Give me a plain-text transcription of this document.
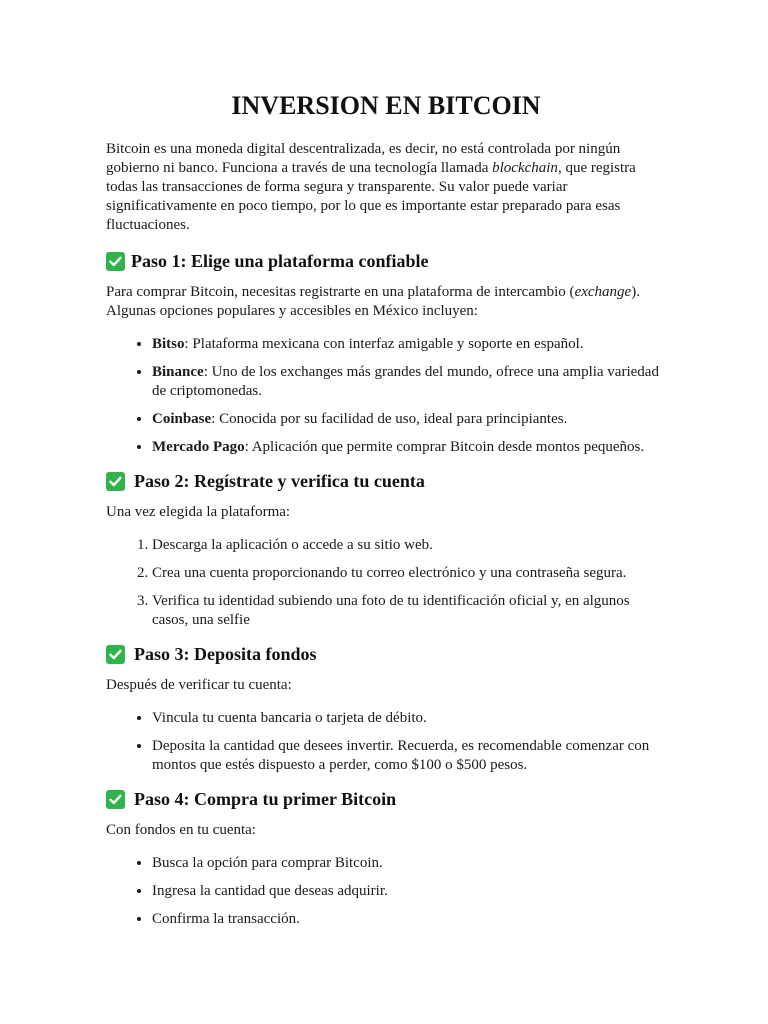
INVERSION EN BITCOIN

Bitcoin es una moneda digital descentralizada, es decir, no está controlada por ningún gobierno ni banco. Funciona a través de una tecnología llamada blockchain, que registra todas las transacciones de forma segura y transparente. Su valor puede variar significativamente en poco tiempo, por lo que es importante estar preparado para esas fluctuaciones.

Paso 1: Elige una plataforma confiable

Para comprar Bitcoin, necesitas registrarte en una plataforma de intercambio (exchange). Algunas opciones populares y accesibles en México incluyen:

• Bitso: Plataforma mexicana con interfaz amigable y soporte en español.
• Binance: Uno de los exchanges más grandes del mundo, ofrece una amplia variedad de criptomonedas.
• Coinbase: Conocida por su facilidad de uso, ideal para principiantes.
• Mercado Pago: Aplicación que permite comprar Bitcoin desde montos pequeños.
Paso 2: Regístrate y verifica tu cuenta

Una vez elegida la plataforma:

1. Descarga la aplicación o accede a su sitio web.
2. Crea una cuenta proporcionando tu correo electrónico y una contraseña segura.
3. Verifica tu identidad subiendo una foto de tu identificación oficial y, en algunos casos, una selfie
Paso 3: Deposita fondos

Después de verificar tu cuenta:

• Vincula tu cuenta bancaria o tarjeta de débito.
• Deposita la cantidad que desees invertir. Recuerda, es recomendable comenzar con montos que estés dispuesto a perder, como $100 o $500 pesos.
Paso 4: Compra tu primer Bitcoin

Con fondos en tu cuenta:

• Busca la opción para comprar Bitcoin.
• Ingresa la cantidad que deseas adquirir.
• Confirma la transacción.
